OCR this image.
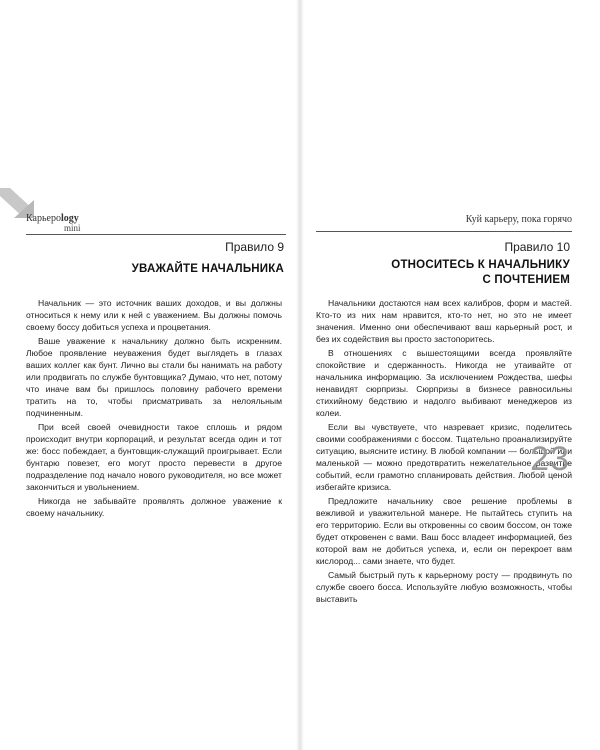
Карьероlogy
mini
Правило 9
УВАЖАЙТЕ НАЧАЛЬНИКА

Начальник — это источник ваших доходов, и вы должны относиться к нему или к ней с уважением. Вы должны помочь своему боссу добиться успеха и процветания.

Ваше уважение к начальнику должно быть искренним. Любое проявление неуважения будет выглядеть в глазах ваших коллег как бунт. Лично вы стали бы нанимать на работу или продвигать по службе бунтовщика? Думаю, что нет, потому что иначе вам бы пришлось половину рабочего времени тратить на то, чтобы присматривать за нелояльным подчиненным.

При всей своей очевидности такое сплошь и рядом происходит внутри корпораций, и результат всегда один и тот же: босс побеждает, а бунтовщик-служащий проигрывает. Если бунтарю повезет, его могут просто перевести в другое подразделение под начало нового руководителя, но все может закончиться и увольнением.

Никогда не забывайте проявлять должное уважение к своему начальнику.

Куй карьеру, пока горячо
Правило 10
ОТНОСИТЕСЬ К НАЧАЛЬНИКУ
С ПОЧТЕНИЕМ

Начальники достаются нам всех калибров, форм и мастей. Кто-то из них нам нравится, кто-то нет, но это не имеет значения. Именно они обеспечивают ваш карьерный рост, и без их содействия вы просто застопоритесь.

В отношениях с вышестоящими всегда проявляйте спокойствие и сдержанность. Никогда не утаивайте от начальника информацию. За исключением Рождества, шефы ненавидят сюрпризы. Сюрпризы в бизнесе равносильны стихийному бедствию и надолго выбивают менеджеров из колеи.

Если вы чувствуете, что назревает кризис, поделитесь своими соображениями с боссом. Тщательно проанализируйте ситуацию, выясните истину. В любой компании — большой или маленькой — можно предотвратить нежелательное развитие событий, если грамотно спланировать действия. Любой ценой избегайте кризиса.

Предложите начальнику свое решение проблемы в вежливой и уважительной манере. Не пытайтесь ступить на его территорию. Если вы откровенны со своим боссом, он тоже будет откровенен с вами. Ваш босс владеет информацией, без которой вам не добиться успеха, и, если он перекроет вам кислород... сами знаете, что будет.

Самый быстрый путь к карьерному росту — продвинуть по службе своего босса. Используйте любую возможность, чтобы выставить

23
